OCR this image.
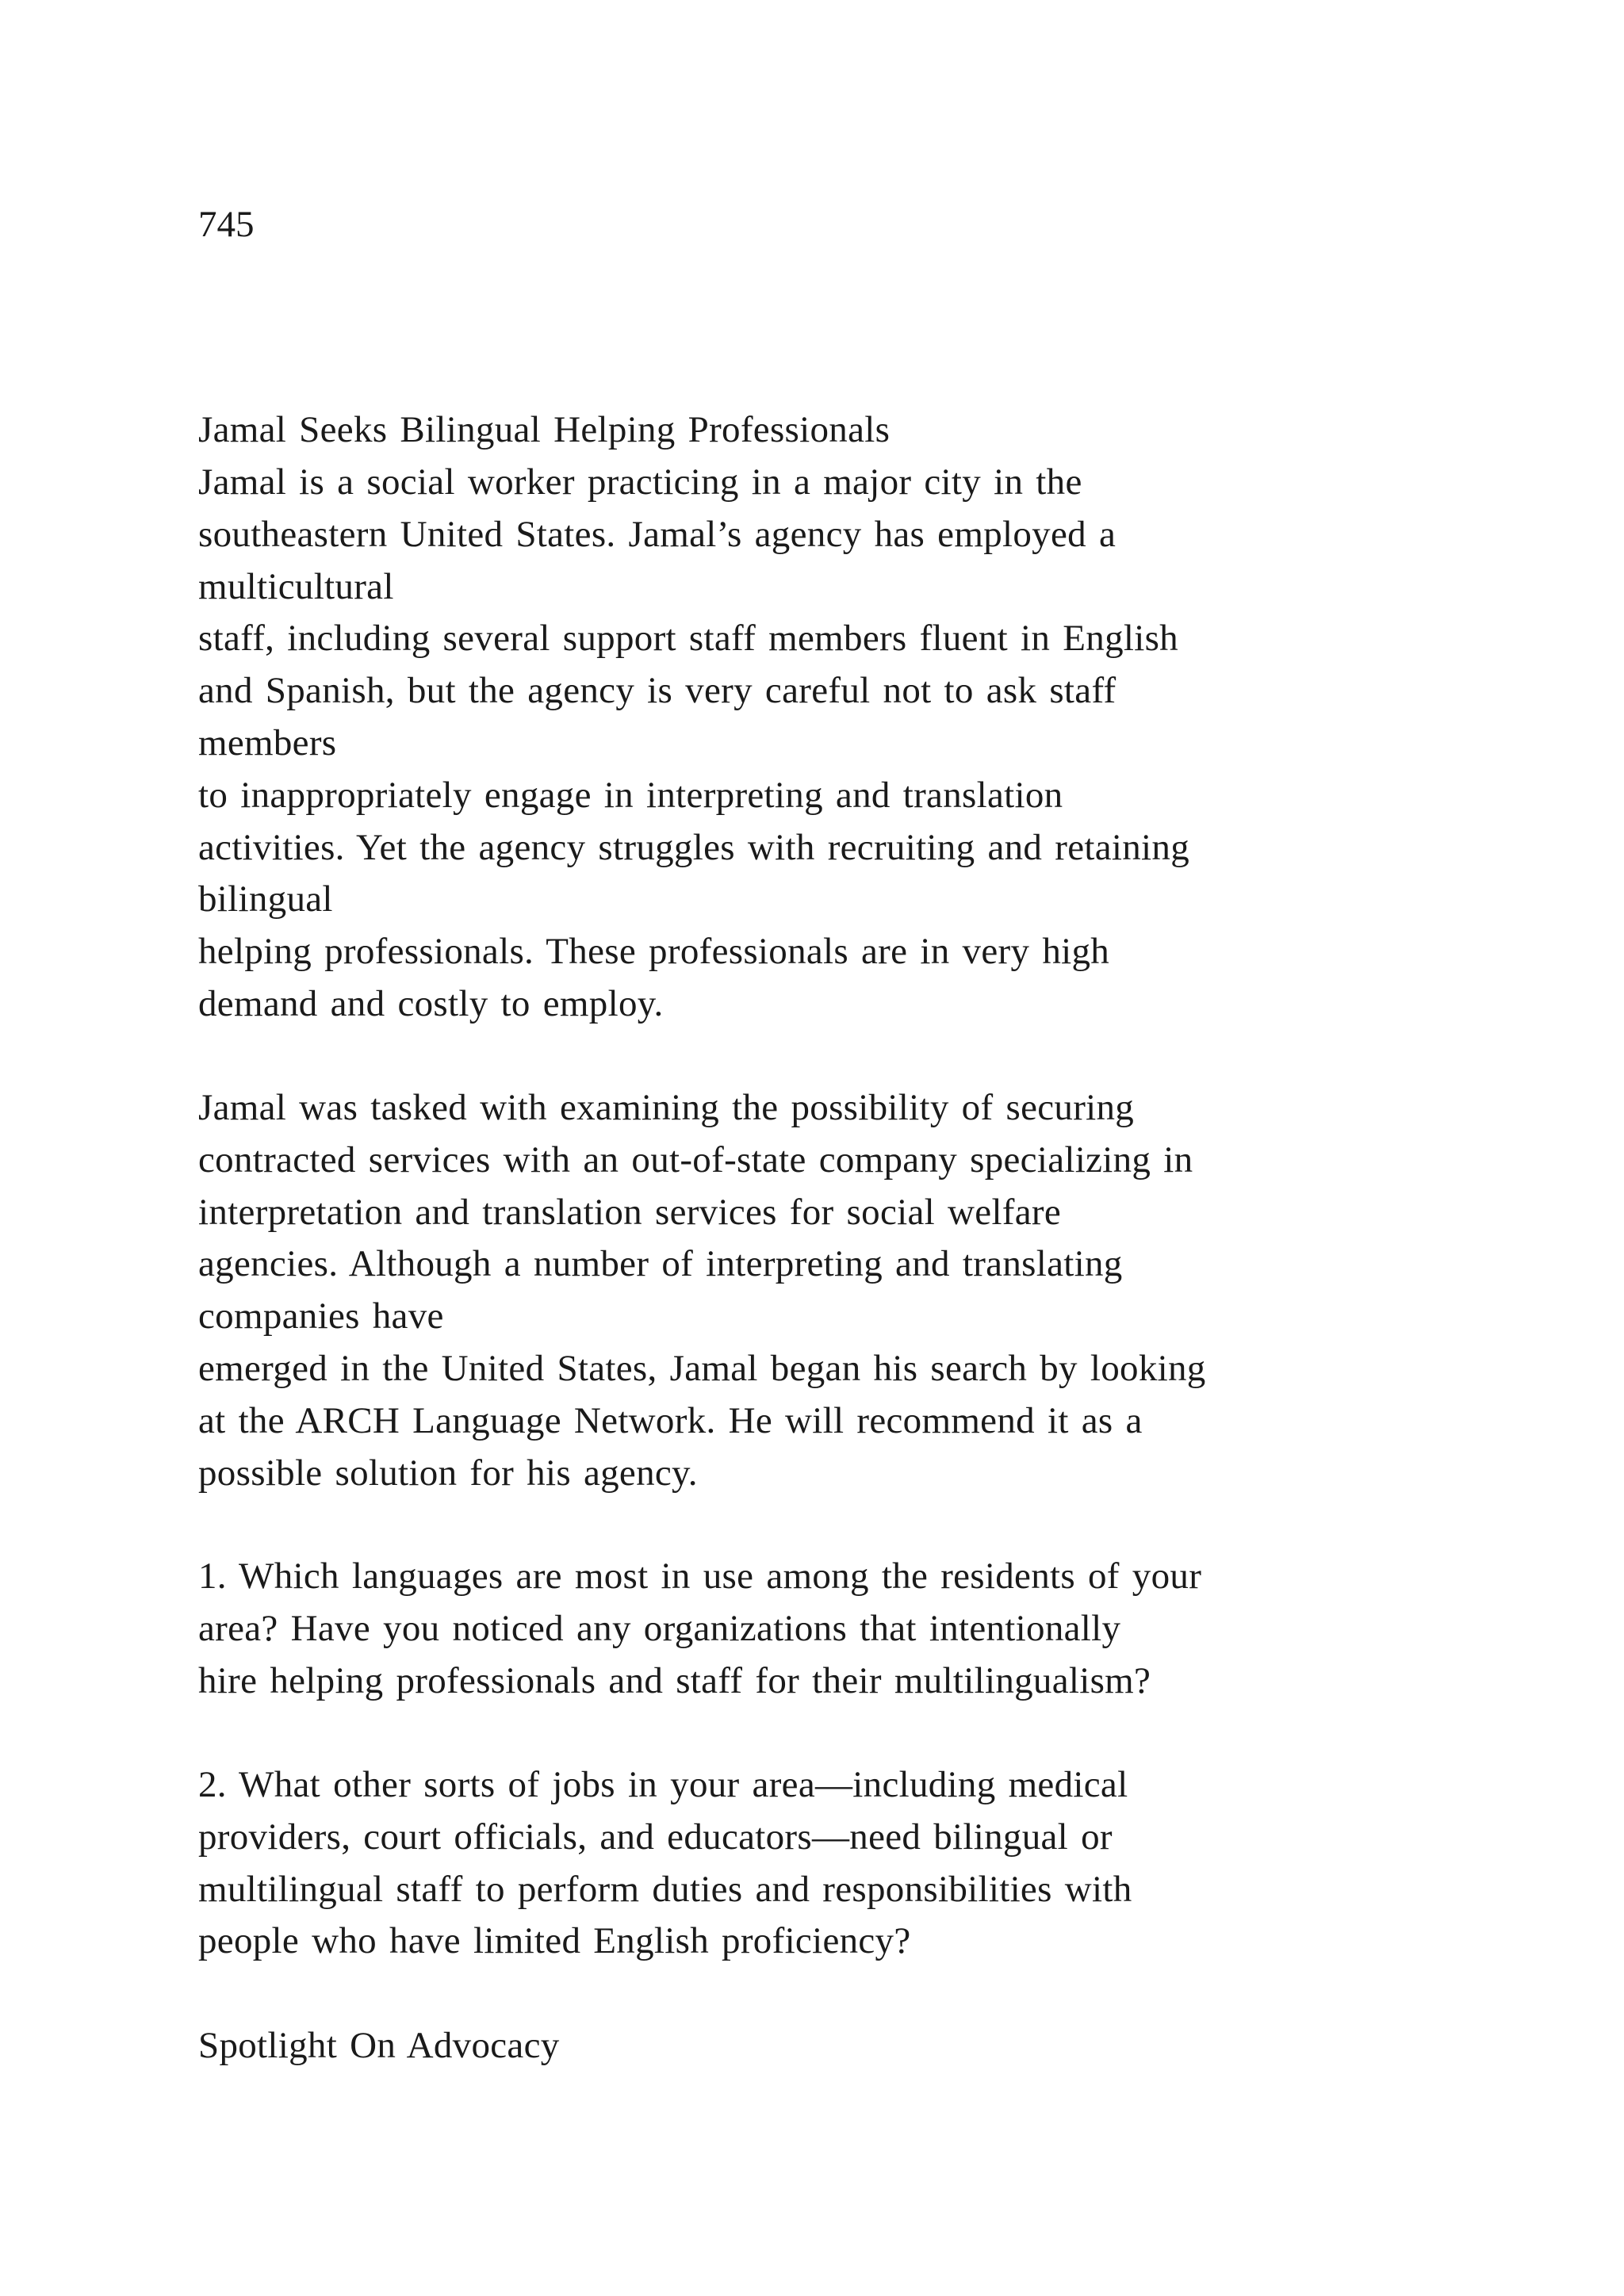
745

Jamal Seeks Bilingual Helping Professionals
Jamal is a social worker practicing in a major city in the
southeastern United States. Jamal’s agency has employed a
multicultural
staff, including several support staff members fluent in English
and Spanish, but the agency is very careful not to ask staff
members
to inappropriately engage in interpreting and translation
activities. Yet the agency struggles with recruiting and retaining
bilingual
helping professionals. These professionals are in very high
demand and costly to employ.
Jamal was tasked with examining the possibility of securing
contracted services with an out-of-state company specializing in
interpretation and translation services for social welfare
agencies. Although a number of interpreting and translating
companies have
emerged in the United States, Jamal began his search by looking
at the ARCH Language Network. He will recommend it as a
possible solution for his agency.
1. Which languages are most in use among the residents of your
area? Have you noticed any organizations that intentionally
hire helping professionals and staff for their multilingualism?
2. What other sorts of jobs in your area—including medical
providers, court officials, and educators—need bilingual or
multilingual staff to perform duties and responsibilities with
people who have limited English proficiency?
Spotlight On Advocacy
